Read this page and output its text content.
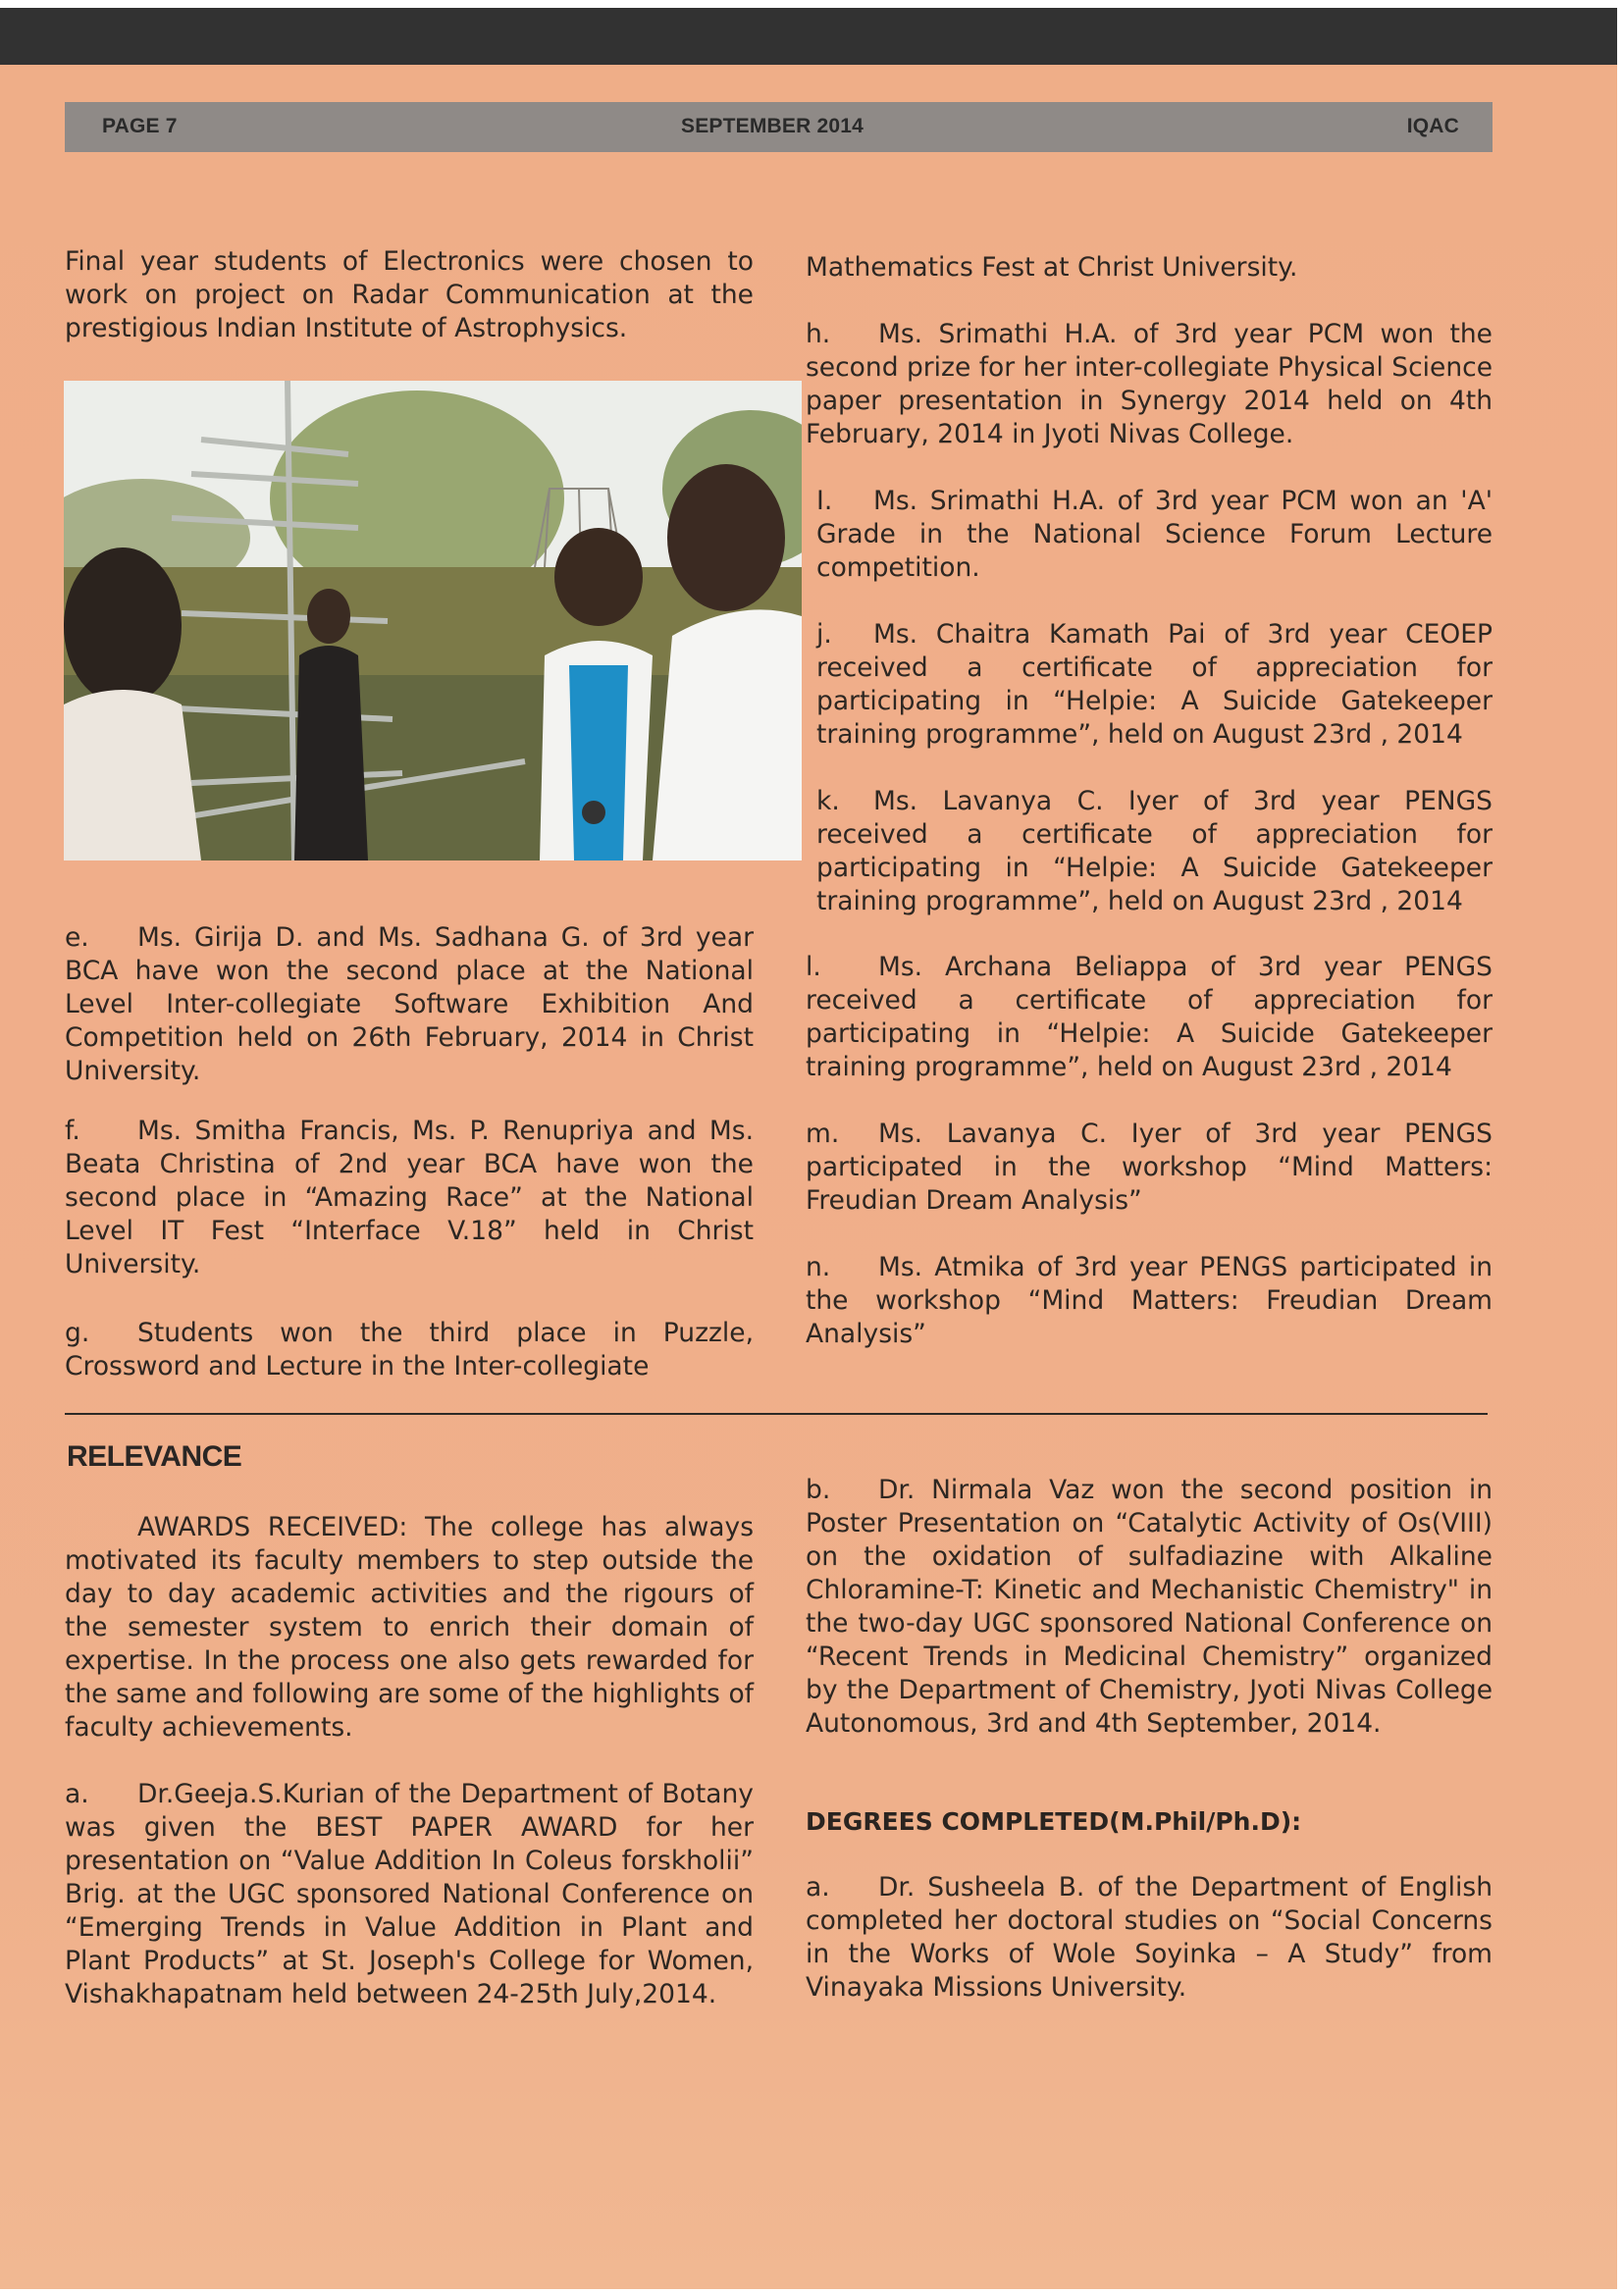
PAGE 7	SEPTEMBER 2014	IQAC

Final year students of Electronics were chosen to work on project on Radar Communication at the prestigious Indian Institute of Astrophysics.

e. Ms. Girija D. and Ms. Sadhana G. of 3rd year BCA have won the second place at the National Level Inter-collegiate Software Exhibition And Competition held on 26th February, 2014 in Christ University.
f. Ms. Smitha Francis, Ms. P. Renupriya and Ms. Beata Christina of 2nd year BCA have won the second place in “Amazing Race” at the National Level IT Fest “Interface V.18” held in Christ University.
g. Students won the third place in Puzzle, Crossword and Lecture in the Inter-collegiate
Mathematics Fest at Christ University.
h. Ms. Srimathi H.A. of 3rd year PCM won the second prize for her inter-collegiate Physical Science paper presentation in Synergy 2014 held on 4th February, 2014 in Jyoti Nivas College.
I. Ms. Srimathi H.A. of 3rd year PCM won an 'A' Grade in the National Science Forum Lecture competition.
j. Ms. Chaitra Kamath Pai of 3rd year CEOEP received a certificate of appreciation for participating in “Helpie: A Suicide Gatekeeper training programme”, held on August 23rd , 2014
k. Ms. Lavanya C. Iyer of 3rd year PENGS received a certificate of appreciation for participating in “Helpie: A Suicide Gatekeeper training programme”, held on August 23rd , 2014
l. Ms. Archana Beliappa of 3rd year PENGS received a certificate of appreciation for participating in “Helpie: A Suicide Gatekeeper training programme”, held on August 23rd , 2014
m. Ms. Lavanya C. Iyer of 3rd year PENGS participated in the workshop “Mind Matters: Freudian Dream Analysis”
n. Ms. Atmika of 3rd year PENGS participated in the workshop “Mind Matters: Freudian Dream Analysis”
RELEVANCE
AWARDS RECEIVED: The college has always motivated its faculty members to step outside the day to day academic activities and the rigours of the semester system to enrich their domain of expertise. In the process one also gets rewarded for the same and following are some of the highlights of faculty achievements.
a. Dr.Geeja.S.Kurian of the Department of Botany was given the BEST PAPER AWARD for her presentation on “Value Addition In Coleus forskholii” Brig. at the UGC sponsored National Conference on “Emerging Trends in Value Addition in Plant and Plant Products” at St. Joseph's College for Women, Vishakhapatnam held between 24-25th July,2014.
b. Dr. Nirmala Vaz won the second position in Poster Presentation on “Catalytic Activity of Os(VIII) on the oxidation of sulfadiazine with Alkaline Chloramine-T: Kinetic and Mechanistic Chemistry" in the two-day UGC sponsored National Conference on “Recent Trends in Medicinal Chemistry” organized by the Department of Chemistry, Jyoti Nivas College Autonomous, 3rd and 4th September, 2014.
DEGREES COMPLETED(M.Phil/Ph.D):
a. Dr. Susheela B. of the Department of English completed her doctoral studies on “Social Concerns in the Works of Wole Soyinka – A Study” from Vinayaka Missions University.
